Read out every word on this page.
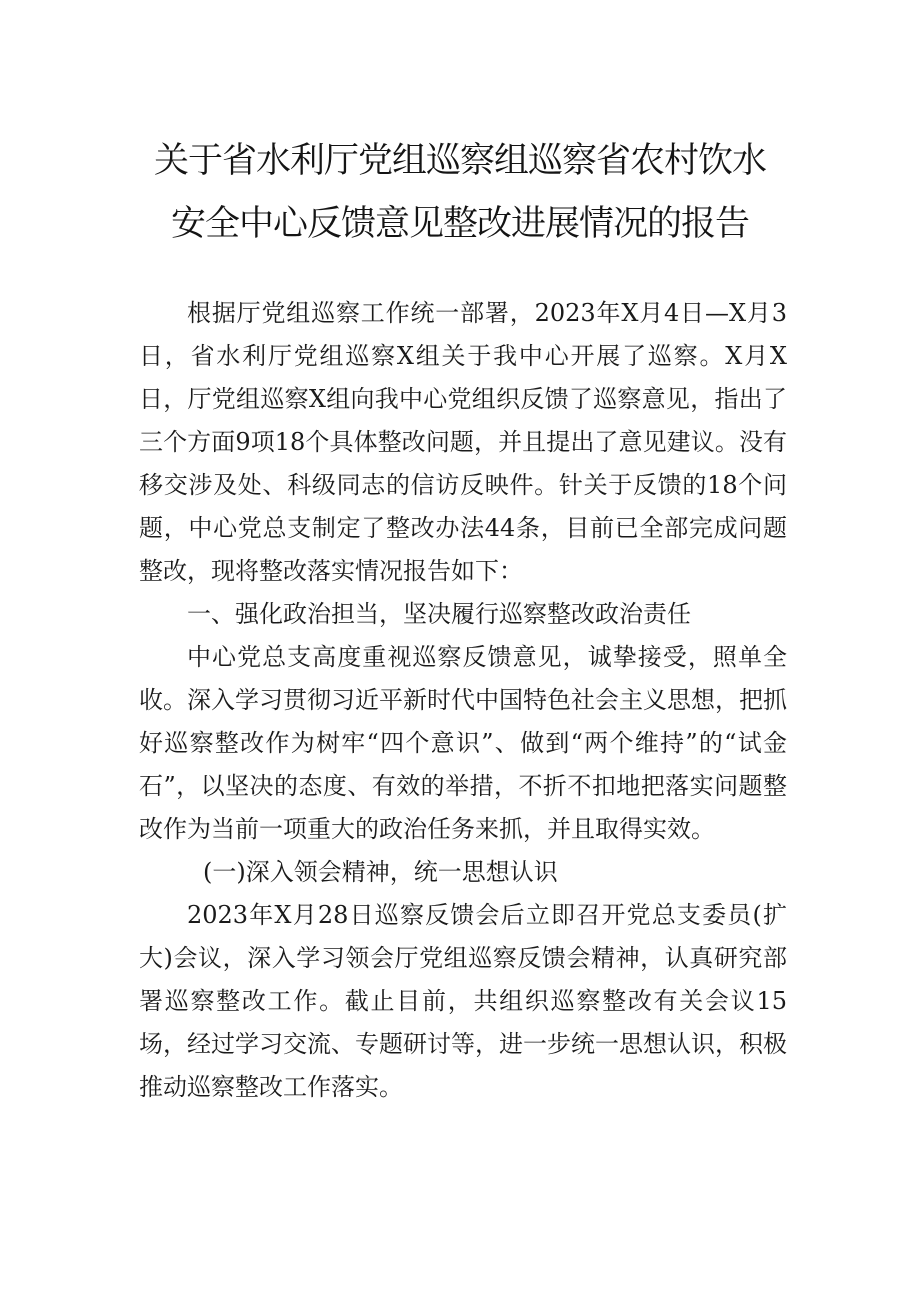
关于省水利厅党组巡察组巡察省农村饮水
安全中心反馈意见整改进展情况的报告

根据厅党组巡察工作统一部署，2023年X月4日—X月3日，省水利厅党组巡察X组关于我中心开展了巡察。X月X日，厅党组巡察X组向我中心党组织反馈了巡察意见，指出了三个方面9项18个具体整改问题，并且提出了意见建议。没有移交涉及处、科级同志的信访反映件。针关于反馈的18个问题，中心党总支制定了整改办法44条，目前已全部完成问题整改，现将整改落实情况报告如下：

一、强化政治担当，坚决履行巡察整改政治责任

中心党总支高度重视巡察反馈意见，诚挚接受，照单全收。深入学习贯彻习近平新时代中国特色社会主义思想，把抓好巡察整改作为树牢“四个意识”、做到“两个维持”的“试金石”，以坚决的态度、有效的举措，不折不扣地把落实问题整改作为当前一项重大的政治任务来抓，并且取得实效。

(一)深入领会精神，统一思想认识

2023年X月28日巡察反馈会后立即召开党总支委员(扩大)会议，深入学习领会厅党组巡察反馈会精神，认真研究部署巡察整改工作。截止目前，共组织巡察整改有关会议15场，经过学习交流、专题研讨等，进一步统一思想认识，积极推动巡察整改工作落实。
